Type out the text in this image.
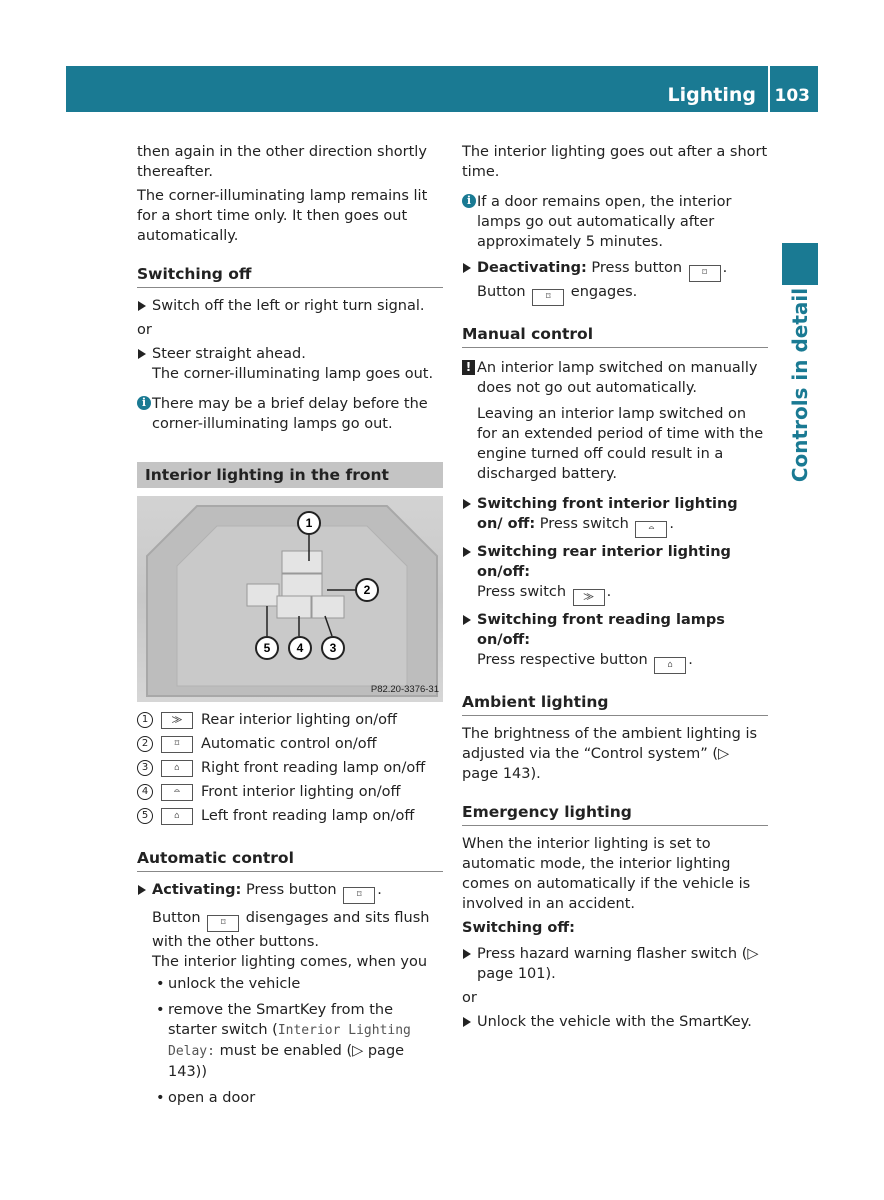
Lighting 103
Controls in detail

then again in the other direction shortly thereafter.

The corner-illuminating lamp remains lit for a short time only. It then goes out automatically.

Switching off
Switch off the left or right turn signal.

or

Steer straight ahead.
The corner-illuminating lamp goes out.
i There may be a brief delay before the corner-illuminating lamps go out.
Interior lighting in the front
1
2
5 4 3
P82.20-3376-31
1	⨠	Rear interior lighting on/off
2	⌑	Automatic control on/off
3	⌂	Right front reading lamp on/off
4	⌓	Front interior lighting on/off
5	⌂	Left front reading lamp on/off
Automatic control
Activating: Press button ⌑ .
Button ⌑ disengages and sits flush with the other buttons.
The interior lighting comes, when you
• unlock the vehicle
• remove the SmartKey from the starter switch (Interior Lighting Delay: must be enabled (▷ page 143))
• open a door

The interior lighting goes out after a short time.

i If a door remains open, the interior lamps go out automatically after approximately 5 minutes.
Deactivating: Press button ⌑ .
Button ⌑ engages.
Manual control
! An interior lamp switched on manually does not go out automatically.
Leaving an interior lamp switched on for an extended period of time with the engine turned off could result in a discharged battery.
Switching front interior lighting on/ off: Press switch ⌓ .
Switching rear interior lighting on/off:
Press switch ⨠ .
Switching front reading lamps on/off:
Press respective button ⌂ .
Ambient lighting

The brightness of the ambient lighting is adjusted via the “Control system” (▷ page 143).

Emergency lighting

When the interior lighting is set to automatic mode, the interior lighting comes on automatically if the vehicle is involved in an accident.

Switching off:
Press hazard warning flasher switch (▷ page 101).

or

Unlock the vehicle with the SmartKey.
